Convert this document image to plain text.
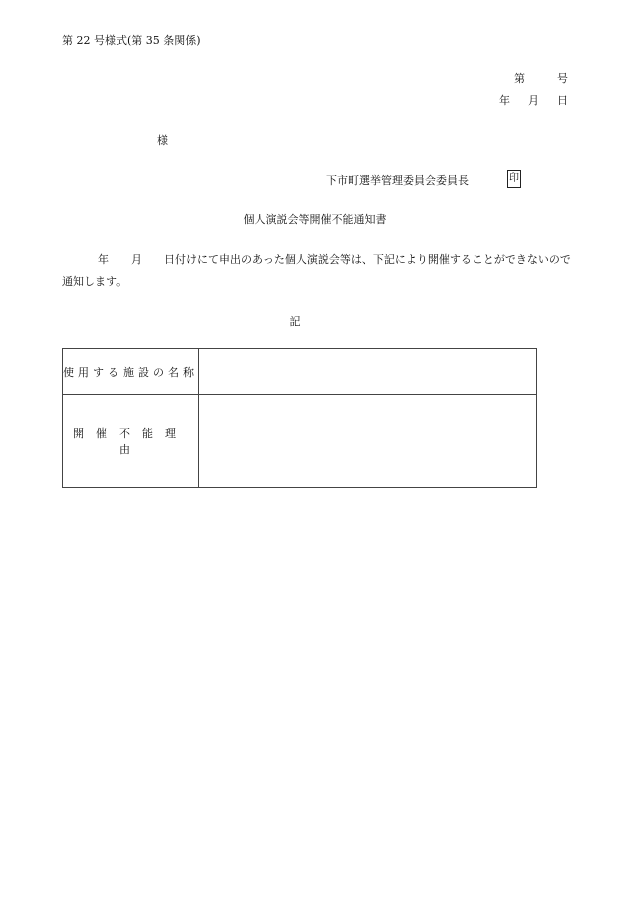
第 22 号様式(第 35 条関係)
第	号
年 月 日
様
下市町選挙管理委員会委員長	印
個人演説会等開催不能通知書
年 月 日付けにて申出のあった個人演説会等は、下記により開催することができないので通知します。
記
使用する施設の名称	
開催不能理由	
